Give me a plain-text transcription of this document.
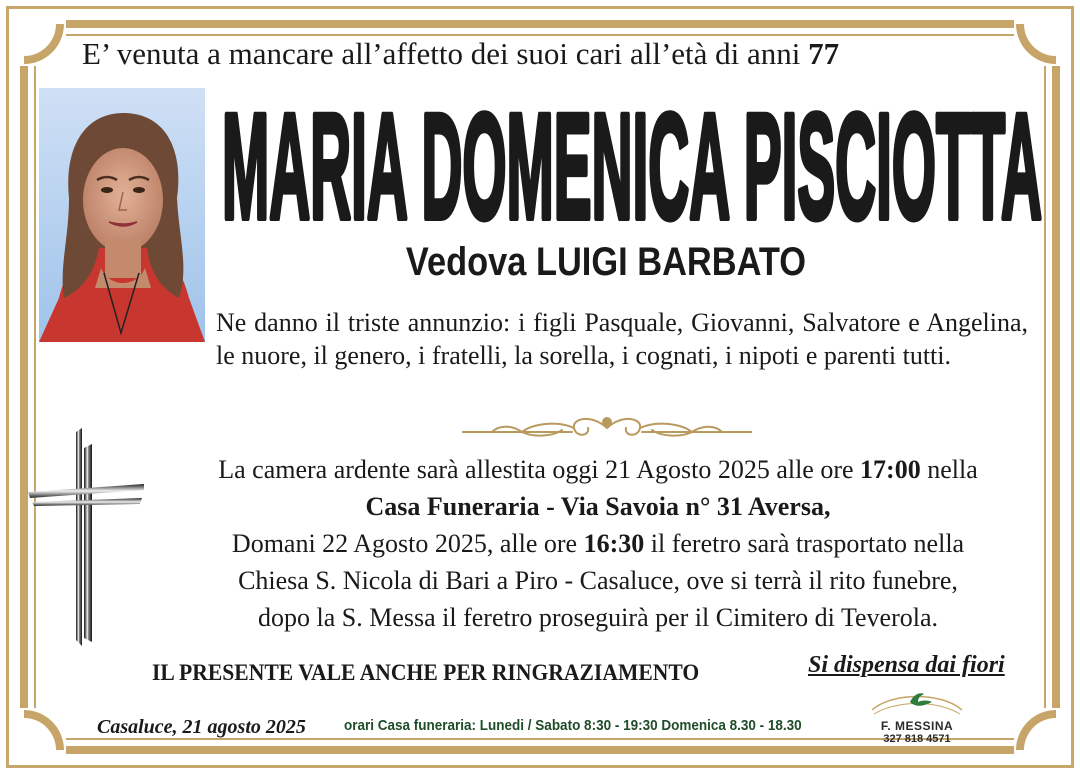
E’ venuta a mancare all’affetto dei suoi cari all’età di anni 77
MARIA DOMENICA PISCIOTTA
Vedova LUIGI BARBATO
Ne danno il triste annunzio: i figli Pasquale, Giovanni, Salvatore e Angelina, le nuore, il genero, i fratelli, la sorella, i cognati, i nipoti e parenti tutti.
La camera ardente sarà allestita oggi 21 Agosto 2025 alle ore 17:00 nella
Casa Funeraria - Via Savoia n° 31 Aversa,
Domani 22 Agosto 2025, alle ore 16:30 il feretro sarà trasportato nella
Chiesa S. Nicola di Bari a Piro - Casaluce, ove si terrà il rito funebre,
dopo la S. Messa il feretro proseguirà per il Cimitero di Teverola.
IL PRESENTE VALE ANCHE PER RINGRAZIAMENTO	Si dispensa dai fiori
Casaluce, 21 agosto 2025	orari Casa funeraria: Lunedi / Sabato 8:30 - 19:30 Domenica 8.30 - 18.30	F. MESSINA
327 818 4571
